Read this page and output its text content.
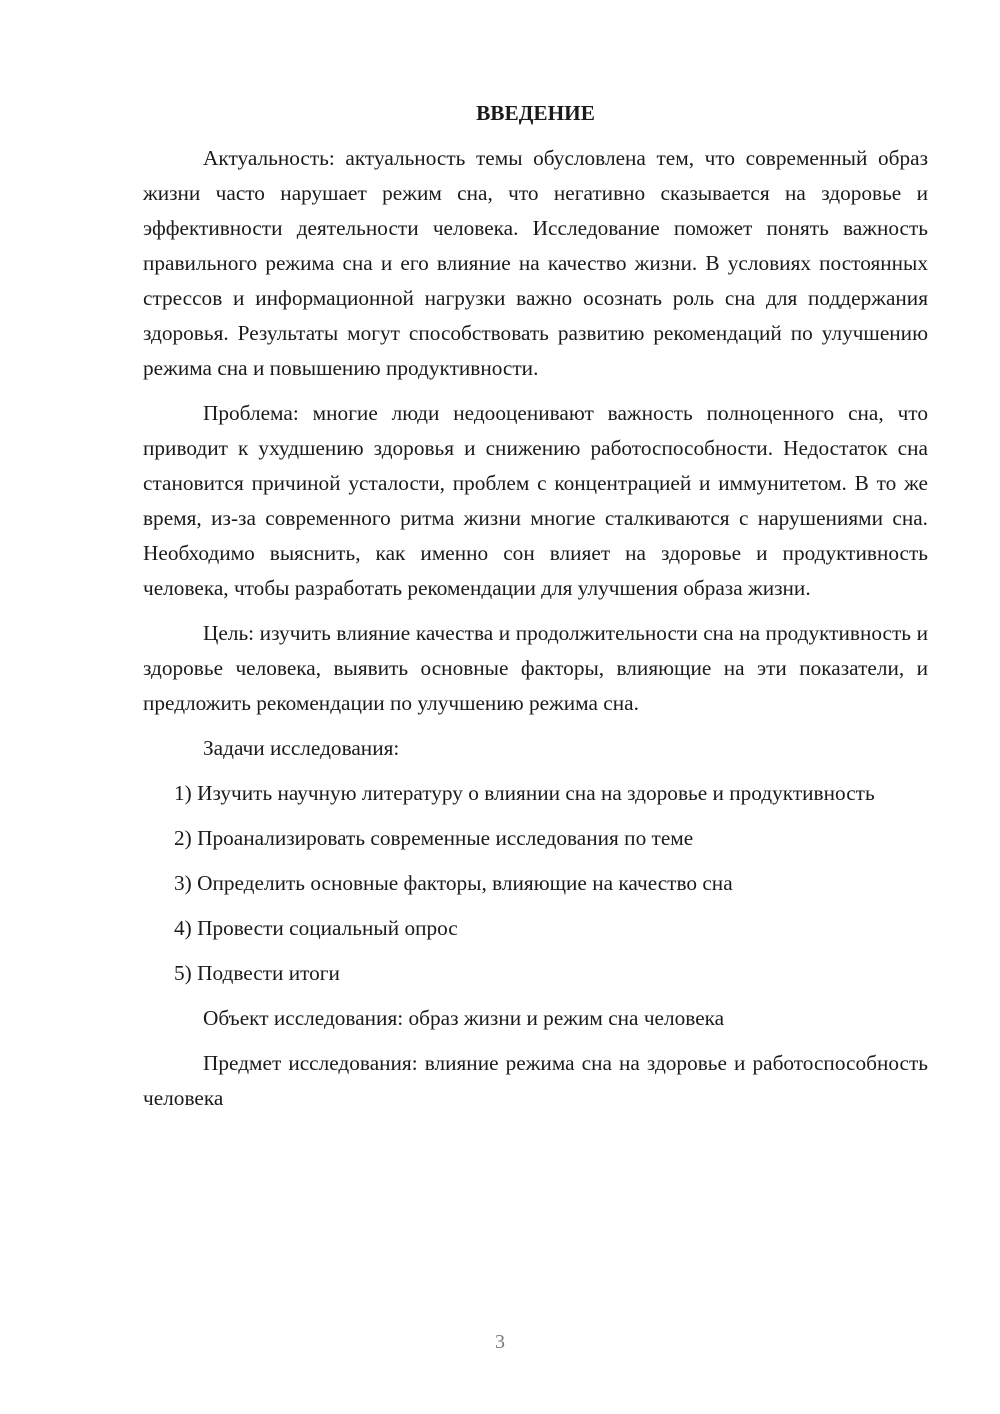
ВВЕДЕНИЕ

Актуальность: актуальность темы обусловлена тем, что современный образ жизни часто нарушает режим сна, что негативно сказывается на здоровье и эффективности деятельности человека. Исследование поможет понять важность правильного режима сна и его влияние на качество жизни. В условиях постоянных стрессов и информационной нагрузки важно осознать роль сна для поддержания здоровья. Результаты могут способствовать развитию рекомендаций по улучшению режима сна и повышению продуктивности.

Проблема: многие люди недооценивают важность полноценного сна, что приводит к ухудшению здоровья и снижению работоспособности. Недостаток сна становится причиной усталости, проблем с концентрацией и иммунитетом. В то же время, из-за современного ритма жизни многие сталкиваются с нарушениями сна. Необходимо выяснить, как именно сон влияет на здоровье и продуктивность человека, чтобы разработать рекомендации для улучшения образа жизни.

Цель: изучить влияние качества и продолжительности сна на продуктивность и здоровье человека, выявить основные факторы, влияющие на эти показатели, и предложить рекомендации по улучшению режима сна.

Задачи исследования:

1) Изучить научную литературу о влиянии сна на здоровье и продуктивность

2) Проанализировать современные исследования по теме

3) Определить основные факторы, влияющие на качество сна

4) Провести социальный опрос

5) Подвести итоги

Объект исследования: образ жизни и режим сна человека

Предмет исследования: влияние режима сна на здоровье и работоспособность человека

3
